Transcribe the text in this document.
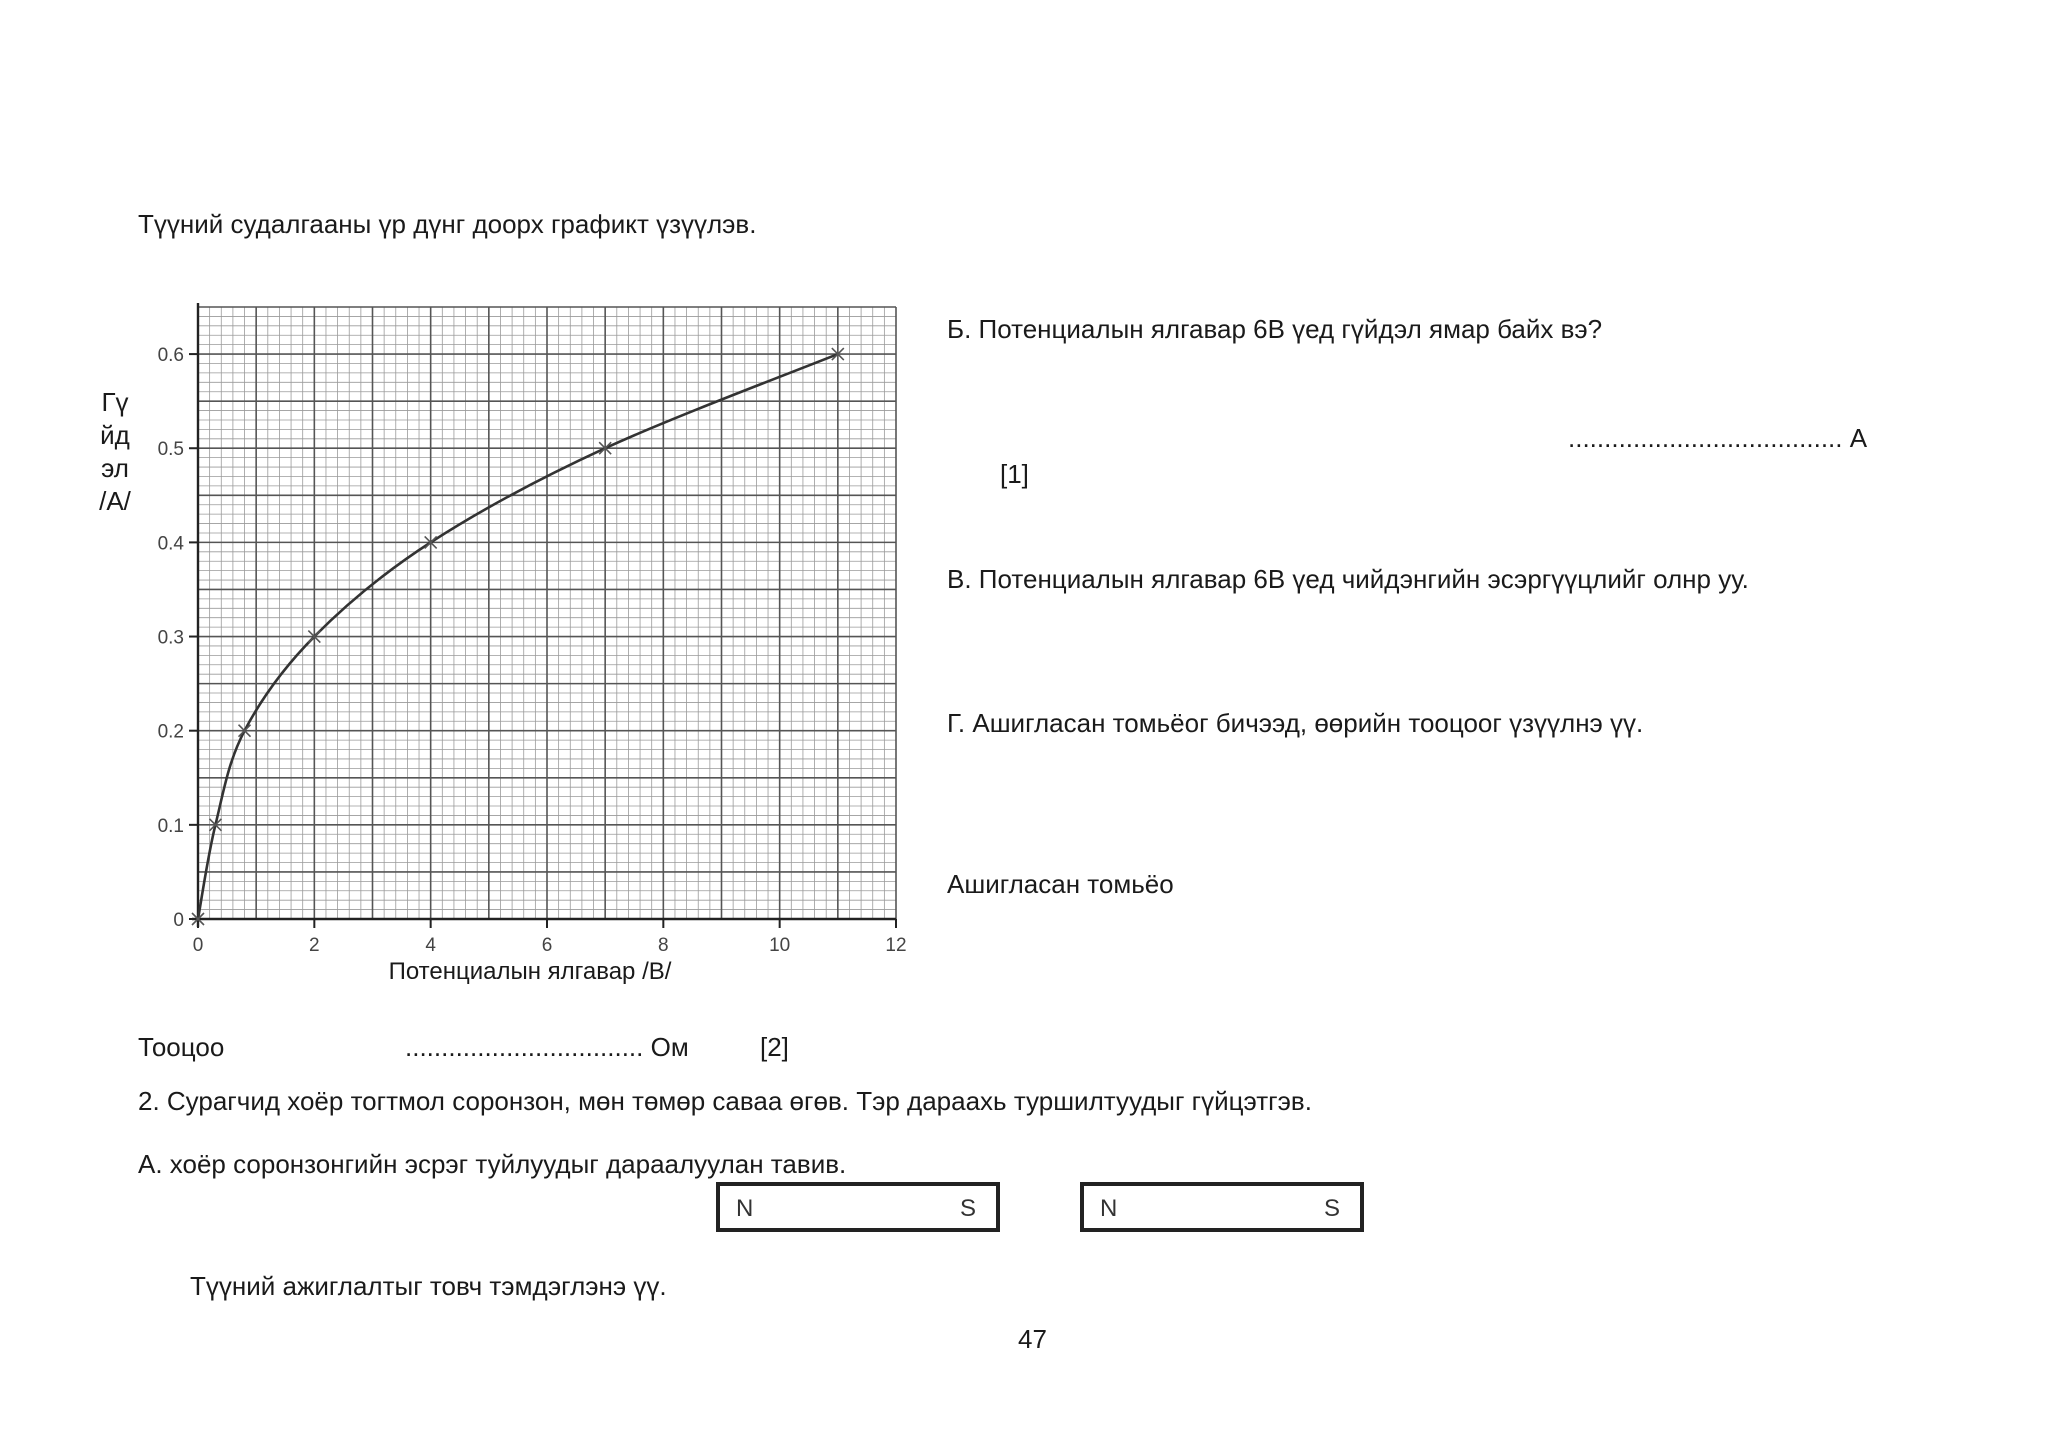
Түүний судалгааны үр дүнг доорх графикт үзүүлэв.
Гү
йд
эл
/А/
0	2	4	6	8	10	12
0
0.1
0.2
0.3
0.4
0.5
0.6
Потенциалын ялгавар /В/
Б. Потенциалын ялгавар 6В үед гүйдэл ямар байх вэ?
...................................... А
[1]
В. Потенциалын ялгавар 6В үед чийдэнгийн эсэргүүцлийг олнр уу.
Г. Ашигласан томьёог бичээд, өөрийн тооцоог үзүүлнэ үү.
Ашигласан томьёо
Тооцоо	................................. Ом	[2]
2. Сурагчид хоёр тогтмол соронзон, мөн төмөр саваа өгөв. Тэр дараахь туршилтуудыг гүйцэтгэв.
А. хоёр соронзонгийн эсрэг туйлуудыг дараалуулан тавив.
N	S	N	S
Түүний ажиглалтыг товч тэмдэглэнэ үү.
47
